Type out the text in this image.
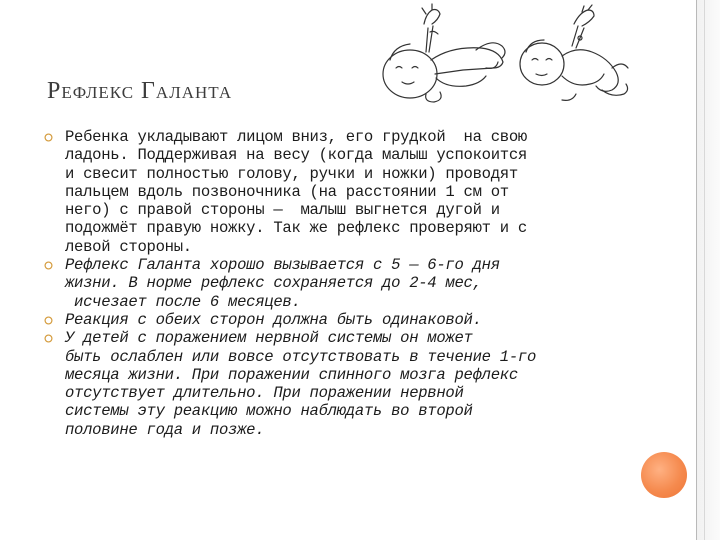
Рефлекс Галанта
Ребенка укладывают лицом вниз, его грудкой  на свою
ладонь. Поддерживая на весу (когда малыш успокоится
и свесит полностью голову, ручки и ножки) проводят
пальцем вдоль позвоночника (на расстоянии 1 см от
него) с правой стороны —  малыш выгнется дугой и
подожмёт правую ножку. Так же рефлекс проверяют и с
левой стороны.
Рефлекс Галанта хорошо вызывается с 5 — 6-го дня
жизни. В норме рефлекс сохраняется до 2-4 мес,
исчезает после 6 месяцев.
Реакция с обеих сторон должна быть одинаковой.
У детей с поражением нервной системы он может
быть ослаблен или вовсе отсутствовать в течение 1-го
месяца жизни. При поражении спинного мозга рефлекс
отсутствует длительно. При поражении нервной
системы эту реакцию можно наблюдать во второй
половине года и позже.
